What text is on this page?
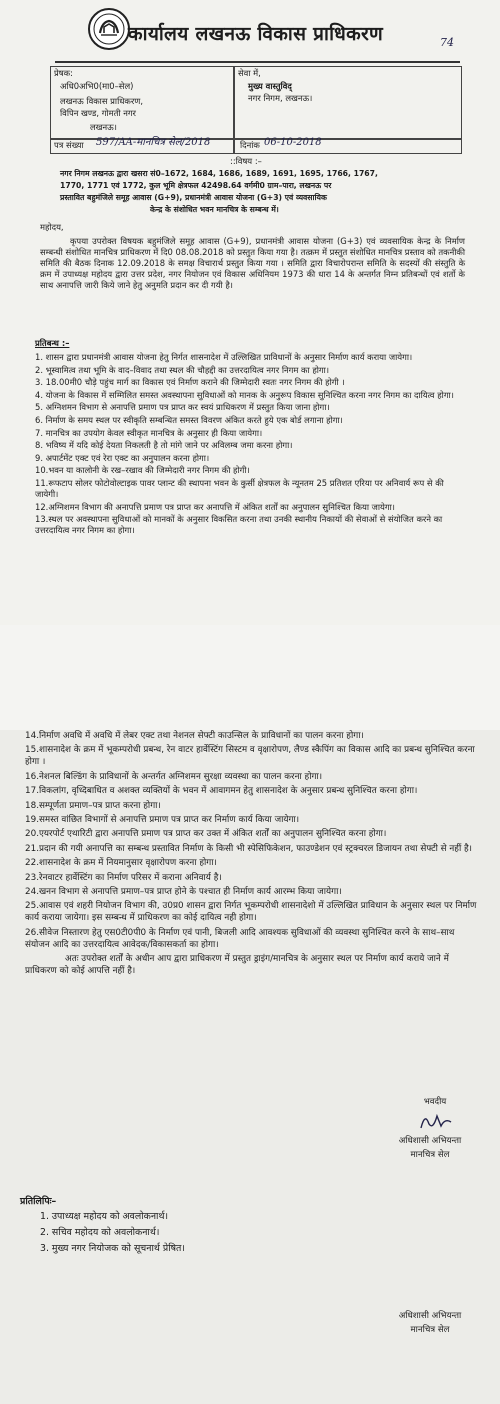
कार्यालय लखनऊ विकास प्राधिकरण	74
प्रेषक:
अधि0अभि0(मा0–सेल)
लखनऊ विकास प्राधिकरण,
विपिन खण्ड, गोमती नगर
लखनऊ।
सेवा में,
मुख्य वास्तुविद्
नगर निगम, लखनऊ।
पत्र संख्या 597/AA-मानचित्र सेल/2018	दिनांक 06-10-2018
::विषय :–
नगर निगम लखनऊ द्वारा खसरा सं0–1672, 1684, 1686, 1689, 1691, 1695, 1766, 1767,
1770, 1771 एवं 1772, कुल भूमि क्षेत्रफल 42498.64 वर्गमी0 ग्राम–पारा, लखनऊ पर
प्रस्तावित बहुमंजिले समूह आवास (G+9), प्रधानमंत्री आवास योजना (G+3) एवं व्यवसायिक
केन्द्र के संशोधित भवन मानचित्र के सम्बन्ध में।
महोदय,
कृपया उपरोक्त विषयक बहुमंजिले समूह आवास (G+9), प्रधानमंत्री आवास योजना (G+3) एवं व्यवसायिक केन्द्र के निर्माण सम्बन्धी संशोधित मानचित्र प्राधिकरण में दि0 08.08.2018 को प्रस्तुत किया गया है। तत्क्रम में प्रस्तुत संशोधित मानचित्र प्रस्ताव को तकनीकी समिति की बैठक दिनाक 12.09.2018 के समक्ष विचारार्थ प्रस्तुत किया गया । समिति द्वारा विचारोपरान्त समिति के सदस्यों की संस्तुति के क्रम में उपाध्यक्ष महोदय द्वारा उत्तर प्रदेश, नगर नियोजन एवं विकास अधिनियम 1973 की धारा 14 के अन्तर्गत निम्न प्रतिबन्धों एवं शर्तो के साथ अनापत्ति जारी किये जाने हेतु अनुमति प्रदान कर दी गयी है।
प्रतिबन्ध :–
1. शासन द्वारा प्रधानमंत्री आवास योजना हेतु निर्गत शासनादेश में उल्लिखित प्राविधानों के अनुसार निर्माण कार्य कराया जायेगा।
2. भूस्वामित्व तथा भूमि के वाद–विवाद तथा स्थल की चौहद्दी का उत्तरदायित्व नगर निगम का होगा।
3. 18.00मी0 चौड़े पहुंच मार्ग का विकास एवं निर्माण कराने की जिम्मेदारी स्वतः नगर निगम की होगी ।
4. योजना के विकास में सम्मिलित समस्त अवस्थापना सुविधाओं को मानक के अनुरूप विकास सुनिश्चित करना नगर निगम का दायित्व होगा।
5. अग्निशमन विभाग से अनापत्ति प्रमाण पत्र प्राप्त कर स्वयं प्राधिकरण में प्रस्तुत किया जाना होगा।
6. निर्माण के समय स्थल पर स्वीकृति सम्बन्धित समस्त विवरण अंकित करते हुये एक बोर्ड लगाना होगा।
7. मानचित्र का उपयोग केवल स्वीकृत मानचित्र के अनुसार ही किया जायेगा।
8. भविष्य में यदि कोई देयता निकलती है तो मांगे जाने पर अविलम्ब जमा करना होगा।
9. अपार्टमेंट एक्ट एवं रेरा एक्ट का अनुपालन करना होगा।
10.भवन या कालोनी के रख–रखाव की जिम्मेदारी नगर निगम की होगी।
11.रूफटाप सोलर फोटोवोल्टाइक पावर प्लान्ट की स्थापना भवन के कुर्सी क्षेत्रफल के न्यूनतम 25 प्रतिशत एरिया पर अनिवार्य रूप से की जायेगी।
12.अग्निशमन विभाग की अनापत्ति प्रमाण पत्र प्राप्त कर अनापत्ति में अंकित शर्तों का अनुपालन सुनिश्चित किया जायेगा।
13.स्थल पर अवस्थापना सुविधाओं को मानकों के अनुसार विकसित करना तथा उनकी स्थानीय निकायों की सेवाओं से संयोजित करने का उत्तरदायित्व नगर निगम का होगा।
14.निर्माण अवधि में अवधि में लेबर एक्ट तथा नेशनल सेफ्टी काउन्सिल के प्राविधानों का पालन करना होगा।
15.शासनादेश के क्रम में भूकम्परोधी प्रबन्ध, रेन वाटर हार्वेस्टिंग सिस्टम व वृक्षारोपण, लैण्ड स्कैपिंग का विकास आदि का प्रबन्ध सुनिश्चित करना होगा ।
16.नेशनल बिल्डिंग के प्राविधानों के अन्तर्गत अग्निशमन सुरक्षा व्यवस्था का पालन करना होगा।
17.विकलांग, वृध्दिबाधित व अशक्त व्यक्तियों के भवन में आवागमन हेतु शासनादेश के अनुसार प्रबन्ध सुनिश्चित करना होगा।
18.सम्पूर्णता प्रमाण–पत्र प्राप्त करना होगा।
19.समस्त वांछित विभागों से अनापत्ति प्रमाण पत्र प्राप्त कर निर्माण कार्य किया जायेगा।
20.एयरपोर्ट एथारिटी द्वारा अनापत्ति प्रमाण पत्र प्राप्त कर उक्त में अंकित शर्तों का अनुपालन सुनिश्चित करना होगा।
21.प्रदान की गयी अनापत्ति का सम्बन्ध प्रस्तावित निर्माण के किसी भी स्पेसिफिकेशन, फाउण्डेशन एवं स्ट्रक्चरल डिजायन तथा सेफ्टी से नहीं है।
22.शासनादेश के क्रम में नियमानुसार वृक्षारोपण करना होगा।
23.रेनवाटर हार्वेस्टिंग का निर्माण परिसर में कराना अनिवार्य है।
24.खनन विभाग से अनापत्ति प्रमाण–पत्र प्राप्त होने के पश्चात ही निर्माण कार्य आरम्भ किया जायेगा।
25.आवास एवं शहरी नियोजन विभाग की, उ0प्र0 शासन द्वारा निर्गत भूकम्परोधी शासनादेशो में उल्लिखित प्राविधान के अनुसार स्थल पर निर्माण कार्य कराया जायेगा। इस सम्बन्ध में प्राधिकरण का कोई दायित्व नही होगा।
26.सीवेज निस्तारण हेतु एस0टी0पी0 के निर्माण एवं पानी, बिजली आदि आवश्यक सुविधाओं की व्यवस्था सुनिश्चित करने के साथ–साथ संयोजन आदि का उत्तरदायित्व आवेदक/विकासकर्ता का होगा।
अतः उपरोक्त शर्तों के अधीन आप द्वारा प्राधिकरण में प्रस्तुत ड्राइंग/मानचित्र के अनुसार स्थल पर निर्माण कार्य कराये जाने में प्राधिकरण को कोई आपत्ति नहीं है।
भवदीय
अधिशासी अभियन्ता
मानचित्र सेल
प्रतिलिपिः–
1. उपाध्यक्ष महोदय को अवलोकनार्थ।
2. सचिव महोदय को अवलोकनार्थ।
3. मुख्य नगर नियोजक को सूचनार्थ प्रेषित।
अधिशासी अभियन्ता
मानचित्र सेल
